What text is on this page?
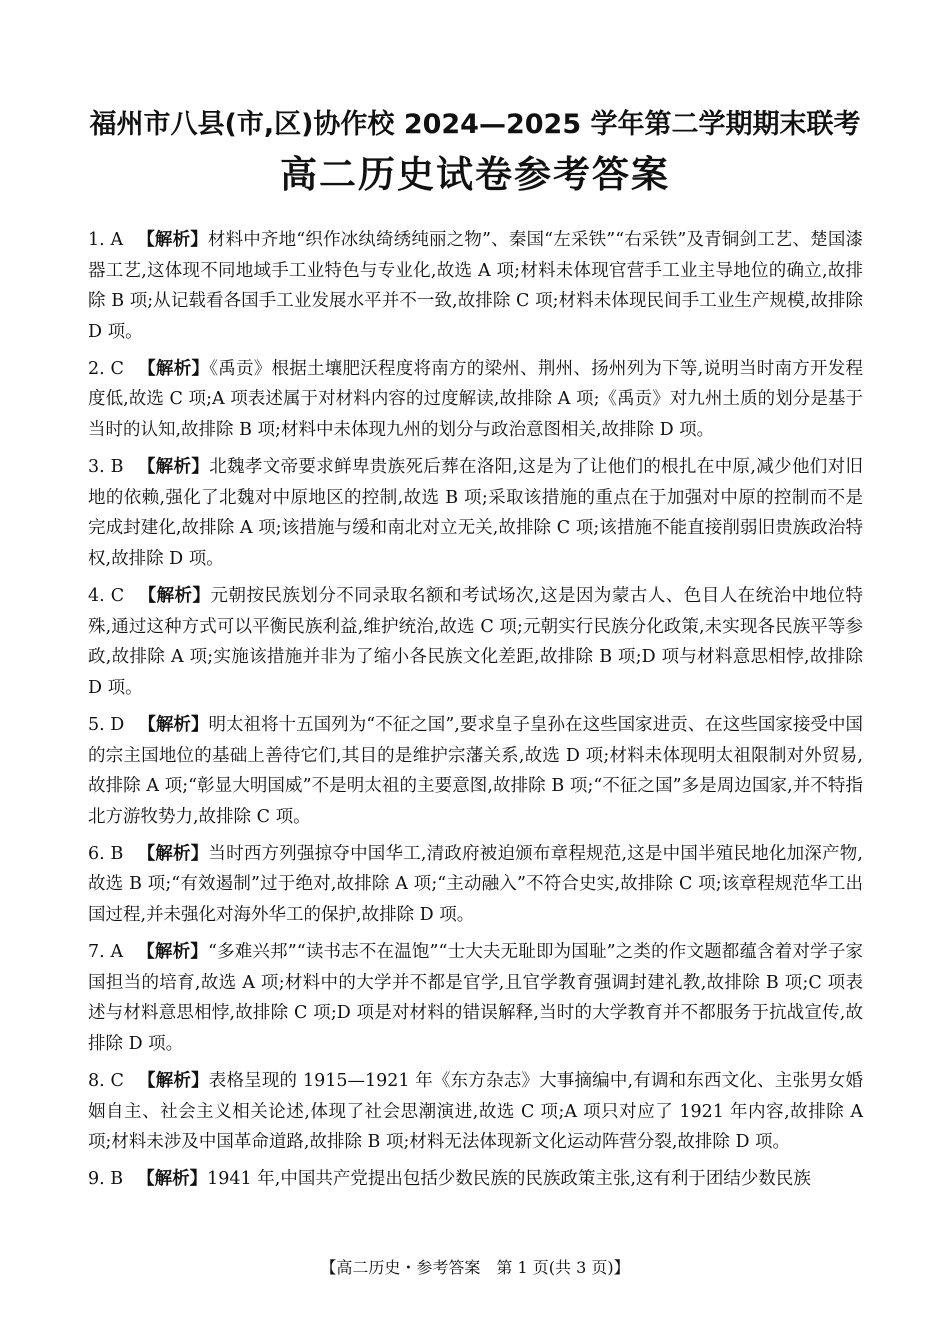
福州市八县(市,区)协作校 2024—2025 学年第二学期期末联考
高二历史试卷参考答案
1. A 【解析】材料中齐地“织作冰纨绮绣纯丽之物”、秦国“左采铁”“右采铁”及青铜剑工艺、楚国漆器工艺,这体现不同地域手工业特色与专业化,故选 A 项;材料未体现官营手工业主导地位的确立,故排除 B 项;从记载看各国手工业发展水平并不一致,故排除 C 项;材料未体现民间手工业生产规模,故排除 D 项。
2. C 【解析】《禹贡》根据土壤肥沃程度将南方的梁州、荆州、扬州列为下等,说明当时南方开发程度低,故选 C 项;A 项表述属于对材料内容的过度解读,故排除 A 项;《禹贡》对九州土质的划分是基于当时的认知,故排除 B 项;材料中未体现九州的划分与政治意图相关,故排除 D 项。
3. B 【解析】北魏孝文帝要求鲜卑贵族死后葬在洛阳,这是为了让他们的根扎在中原,减少他们对旧地的依赖,强化了北魏对中原地区的控制,故选 B 项;采取该措施的重点在于加强对中原的控制而不是完成封建化,故排除 A 项;该措施与缓和南北对立无关,故排除 C 项;该措施不能直接削弱旧贵族政治特权,故排除 D 项。
4. C 【解析】元朝按民族划分不同录取名额和考试场次,这是因为蒙古人、色目人在统治中地位特殊,通过这种方式可以平衡民族利益,维护统治,故选 C 项;元朝实行民族分化政策,未实现各民族平等参政,故排除 A 项;实施该措施并非为了缩小各民族文化差距,故排除 B 项;D 项与材料意思相悖,故排除 D 项。
5. D 【解析】明太祖将十五国列为“不征之国”,要求皇子皇孙在这些国家进贡、在这些国家接受中国的宗主国地位的基础上善待它们,其目的是维护宗藩关系,故选 D 项;材料未体现明太祖限制对外贸易,故排除 A 项;“彰显大明国威”不是明太祖的主要意图,故排除 B 项;“不征之国”多是周边国家,并不特指北方游牧势力,故排除 C 项。
6. B 【解析】当时西方列强掠夺中国华工,清政府被迫颁布章程规范,这是中国半殖民地化加深产物,故选 B 项;“有效遏制”过于绝对,故排除 A 项;“主动融入”不符合史实,故排除 C 项;该章程规范华工出国过程,并未强化对海外华工的保护,故排除 D 项。
7. A 【解析】“多难兴邦”“读书志不在温饱”“士大夫无耻即为国耻”之类的作文题都蕴含着对学子家国担当的培育,故选 A 项;材料中的大学并不都是官学,且官学教育强调封建礼教,故排除 B 项;C 项表述与材料意思相悖,故排除 C 项;D 项是对材料的错误解释,当时的大学教育并不都服务于抗战宣传,故排除 D 项。
8. C 【解析】表格呈现的 1915—1921 年《东方杂志》大事摘编中,有调和东西文化、主张男女婚姻自主、社会主义相关论述,体现了社会思潮演进,故选 C 项;A 项只对应了 1921 年内容,故排除 A 项;材料未涉及中国革命道路,故排除 B 项;材料无法体现新文化运动阵营分裂,故排除 D 项。
9. B 【解析】1941 年,中国共产党提出包括少数民族的民族政策主张,这有利于团结少数民族
【高二历史・参考答案　第 1 页(共 3 页)】
